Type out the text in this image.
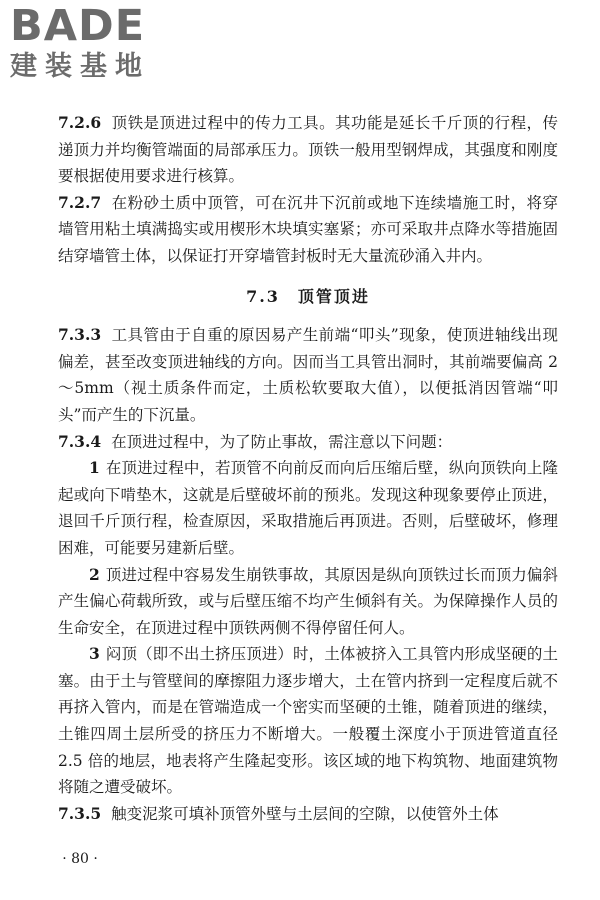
BADE
建装基地

7.2.6 顶铁是顶进过程中的传力工具。其功能是延长千斤顶的行程，传递顶力并均衡管端面的局部承压力。顶铁一般用型钢焊成，其强度和刚度要根据使用要求进行核算。

7.2.7 在粉砂土质中顶管，可在沉井下沉前或地下连续墙施工时，将穿墙管用粘土填满捣实或用楔形木块填实塞紧；亦可采取井点降水等措施固结穿墙管土体，以保证打开穿墙管封板时无大量流砂涌入井内。

7.3　顶管顶进

7.3.3 工具管由于自重的原因易产生前端“叩头”现象，使顶进轴线出现偏差，甚至改变顶进轴线的方向。因而当工具管出洞时，其前端要偏高 2～5mm（视土质条件而定，土质松软要取大值），以便抵消因管端“叩头”而产生的下沉量。

7.3.4 在顶进过程中，为了防止事故，需注意以下问题：

1 在顶进过程中，若顶管不向前反而向后压缩后壁，纵向顶铁向上隆起或向下啃垫木，这就是后壁破坏前的预兆。发现这种现象要停止顶进，退回千斤顶行程，检查原因，采取措施后再顶进。否则，后壁破坏，修理困难，可能要另建新后壁。

2 顶进过程中容易发生崩铁事故，其原因是纵向顶铁过长而顶力偏斜产生偏心荷载所致，或与后壁压缩不均产生倾斜有关。为保障操作人员的生命安全，在顶进过程中顶铁两侧不得停留任何人。

3 闷顶（即不出土挤压顶进）时，土体被挤入工具管内形成坚硬的土塞。由于土与管壁间的摩擦阻力逐步增大，土在管内挤到一定程度后就不再挤入管内，而是在管端造成一个密实而坚硬的土锥，随着顶进的继续，土锥四周土层所受的挤压力不断增大。一般覆土深度小于顶进管道直径 2.5 倍的地层，地表将产生隆起变形。该区域的地下构筑物、地面建筑物将随之遭受破坏。

7.3.5 触变泥浆可填补顶管外壁与土层间的空隙，以使管外土体

· 80 ·
